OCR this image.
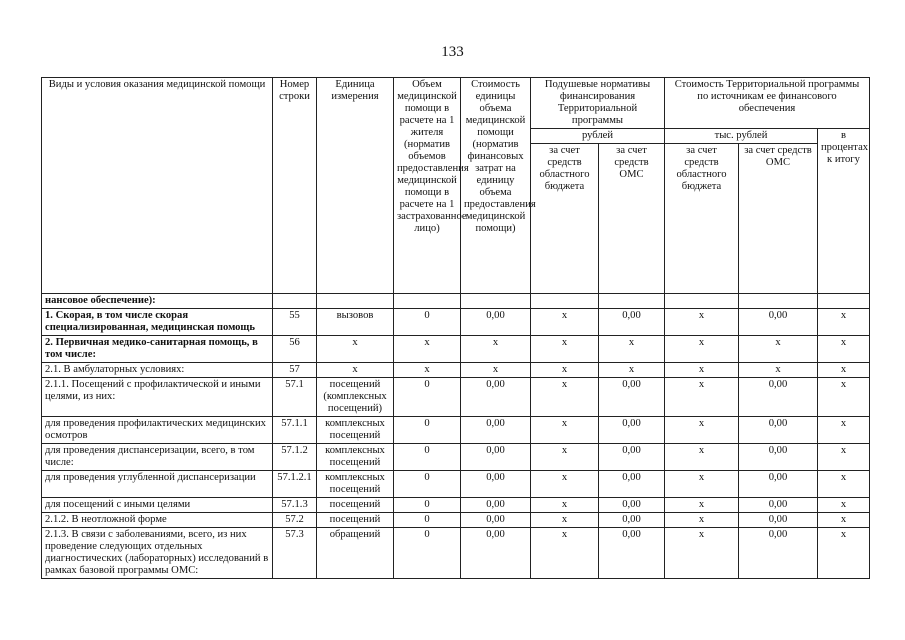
133
Виды и условия оказания медицинской помощи	Номер строки	Единица измерения	Объем медицинской помощи в расчете на 1 жителя (норматив объемов предоставления медицинской помощи в расчете на 1 застрахованное лицо)	Стоимость единицы объема медицинской помощи (норматив финансовых затрат на единицу объема предоставления медицинской помощи)	Подушевые нормативы финансирования Территориальной программы		Стоимость Территориальной программы по источникам ее финансового обеспечения		
					рублей		тыс. рублей		в процентах к итогу
					за счет средств областного бюджета	за счет средств ОМС	за счет средств областного бюджета	за счет средств ОМС	
нансовое обеспечение):									
1. Скорая, в том числе скорая специализированная, медицинская помощь	55	вызовов	0	0,00	х	0,00	х	0,00	х
2. Первичная медико-санитарная помощь, в том числе:	56	х	х	х	х	х	х	х	х
2.1. В амбулаторных условиях:	57	х	х	х	х	х	х	х	х
2.1.1. Посещений с профилактической и иными целями, из них:	57.1	посещений (комплексных посещений)	0	0,00	х	0,00	х	0,00	х
для проведения профилактических медицинских осмотров	57.1.1	комплексных посещений	0	0,00	х	0,00	х	0,00	х
для проведения диспансеризации, всего, в том числе:	57.1.2	комплексных посещений	0	0,00	х	0,00	х	0,00	х
для проведения углубленной диспансеризации	57.1.2.1	комплексных посещений	0	0,00	х	0,00	х	0,00	х
для посещений с иными целями	57.1.3	посещений	0	0,00	х	0,00	х	0,00	х
2.1.2. В неотложной форме	57.2	посещений	0	0,00	х	0,00	х	0,00	х
2.1.3. В связи с заболеваниями, всего, из них проведение следующих отдельных диагностических (лабораторных) исследований в рамках базовой программы ОМС:	57.3	обращений	0	0,00	х	0,00	х	0,00	х
